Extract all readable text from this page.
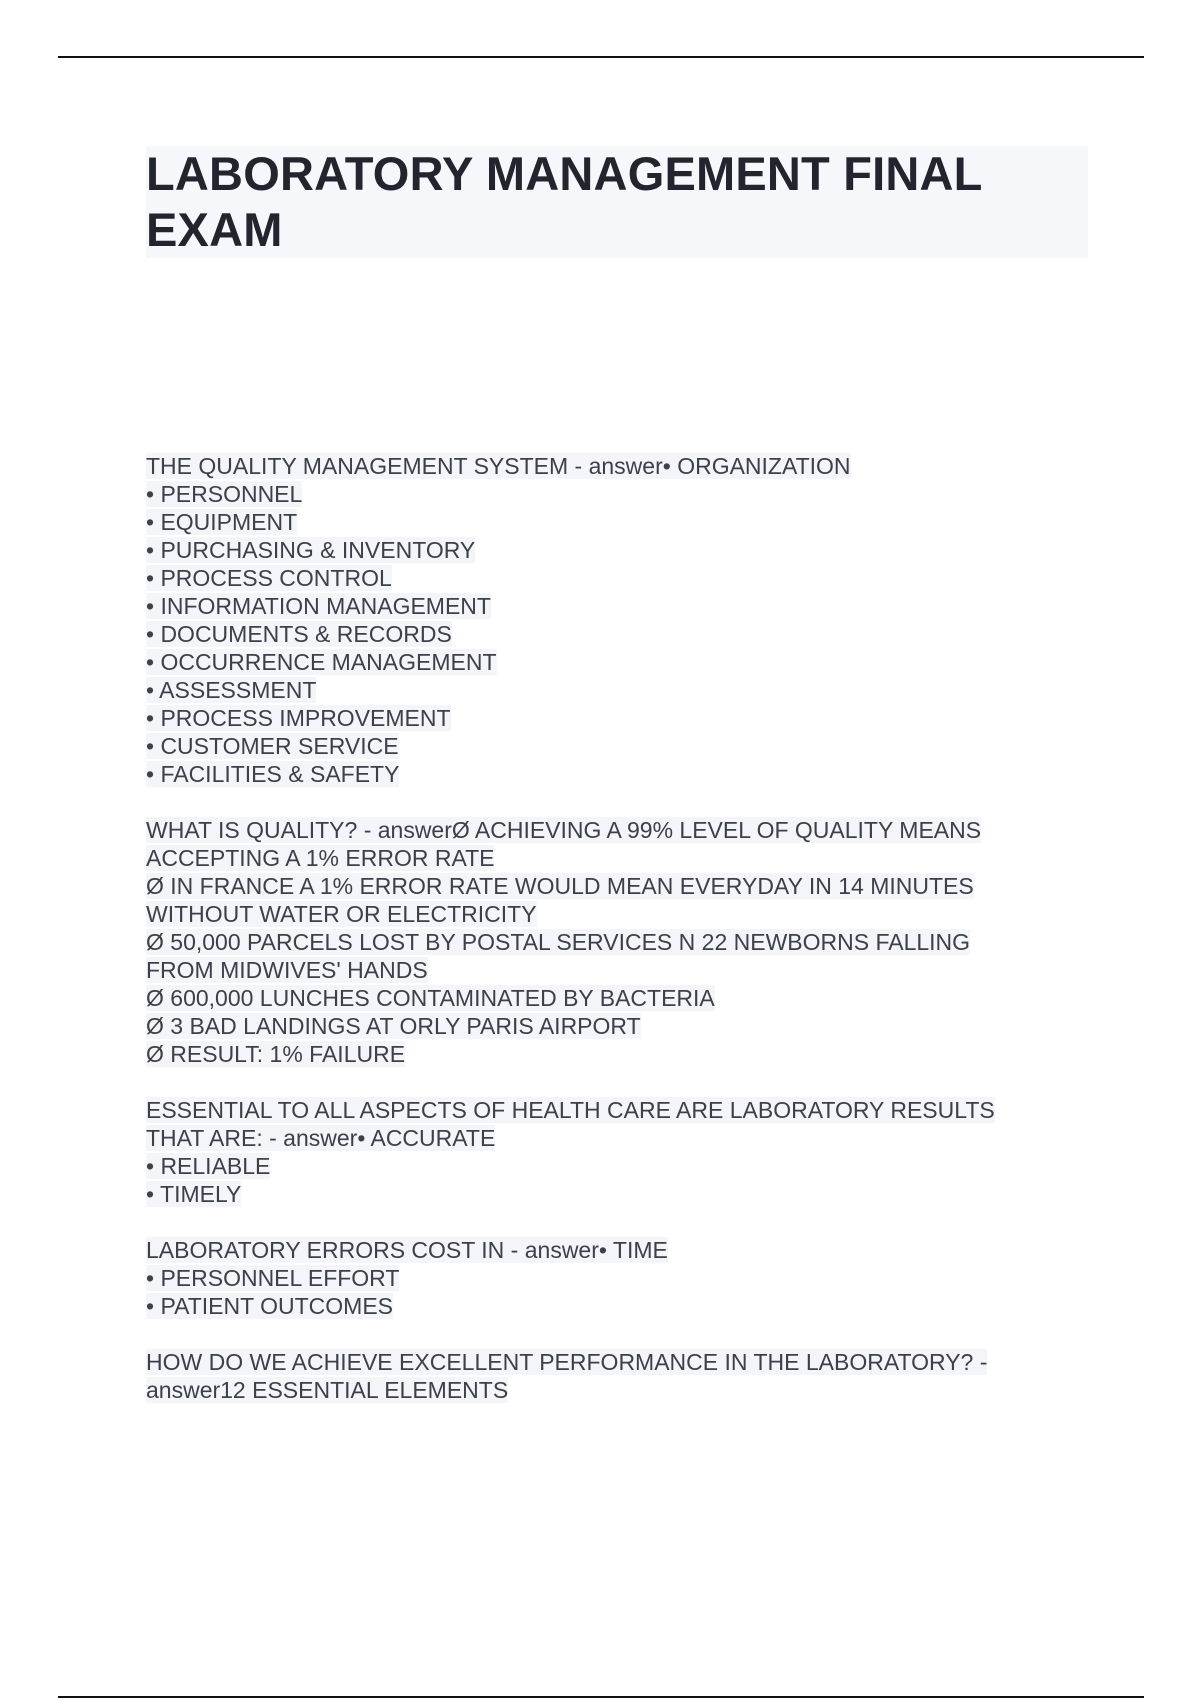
LABORATORY MANAGEMENT FINAL
EXAM
THE QUALITY MANAGEMENT SYSTEM - answer• ORGANIZATION
• PERSONNEL
• EQUIPMENT
• PURCHASING & INVENTORY
• PROCESS CONTROL
• INFORMATION MANAGEMENT
• DOCUMENTS & RECORDS
• OCCURRENCE MANAGEMENT
• ASSESSMENT
• PROCESS IMPROVEMENT
• CUSTOMER SERVICE
• FACILITIES & SAFETY
WHAT IS QUALITY? - answerØ ACHIEVING A 99% LEVEL OF QUALITY MEANS
ACCEPTING A 1% ERROR RATE
Ø IN FRANCE A 1% ERROR RATE WOULD MEAN EVERYDAY IN 14 MINUTES
WITHOUT WATER OR ELECTRICITY
Ø 50,000 PARCELS LOST BY POSTAL SERVICES N 22 NEWBORNS FALLING
FROM MIDWIVES' HANDS
Ø 600,000 LUNCHES CONTAMINATED BY BACTERIA
Ø 3 BAD LANDINGS AT ORLY PARIS AIRPORT
Ø RESULT: 1% FAILURE
ESSENTIAL TO ALL ASPECTS OF HEALTH CARE ARE LABORATORY RESULTS
THAT ARE: - answer• ACCURATE
• RELIABLE
• TIMELY
LABORATORY ERRORS COST IN - answer• TIME
• PERSONNEL EFFORT
• PATIENT OUTCOMES
HOW DO WE ACHIEVE EXCELLENT PERFORMANCE IN THE LABORATORY? -
answer12 ESSENTIAL ELEMENTS
